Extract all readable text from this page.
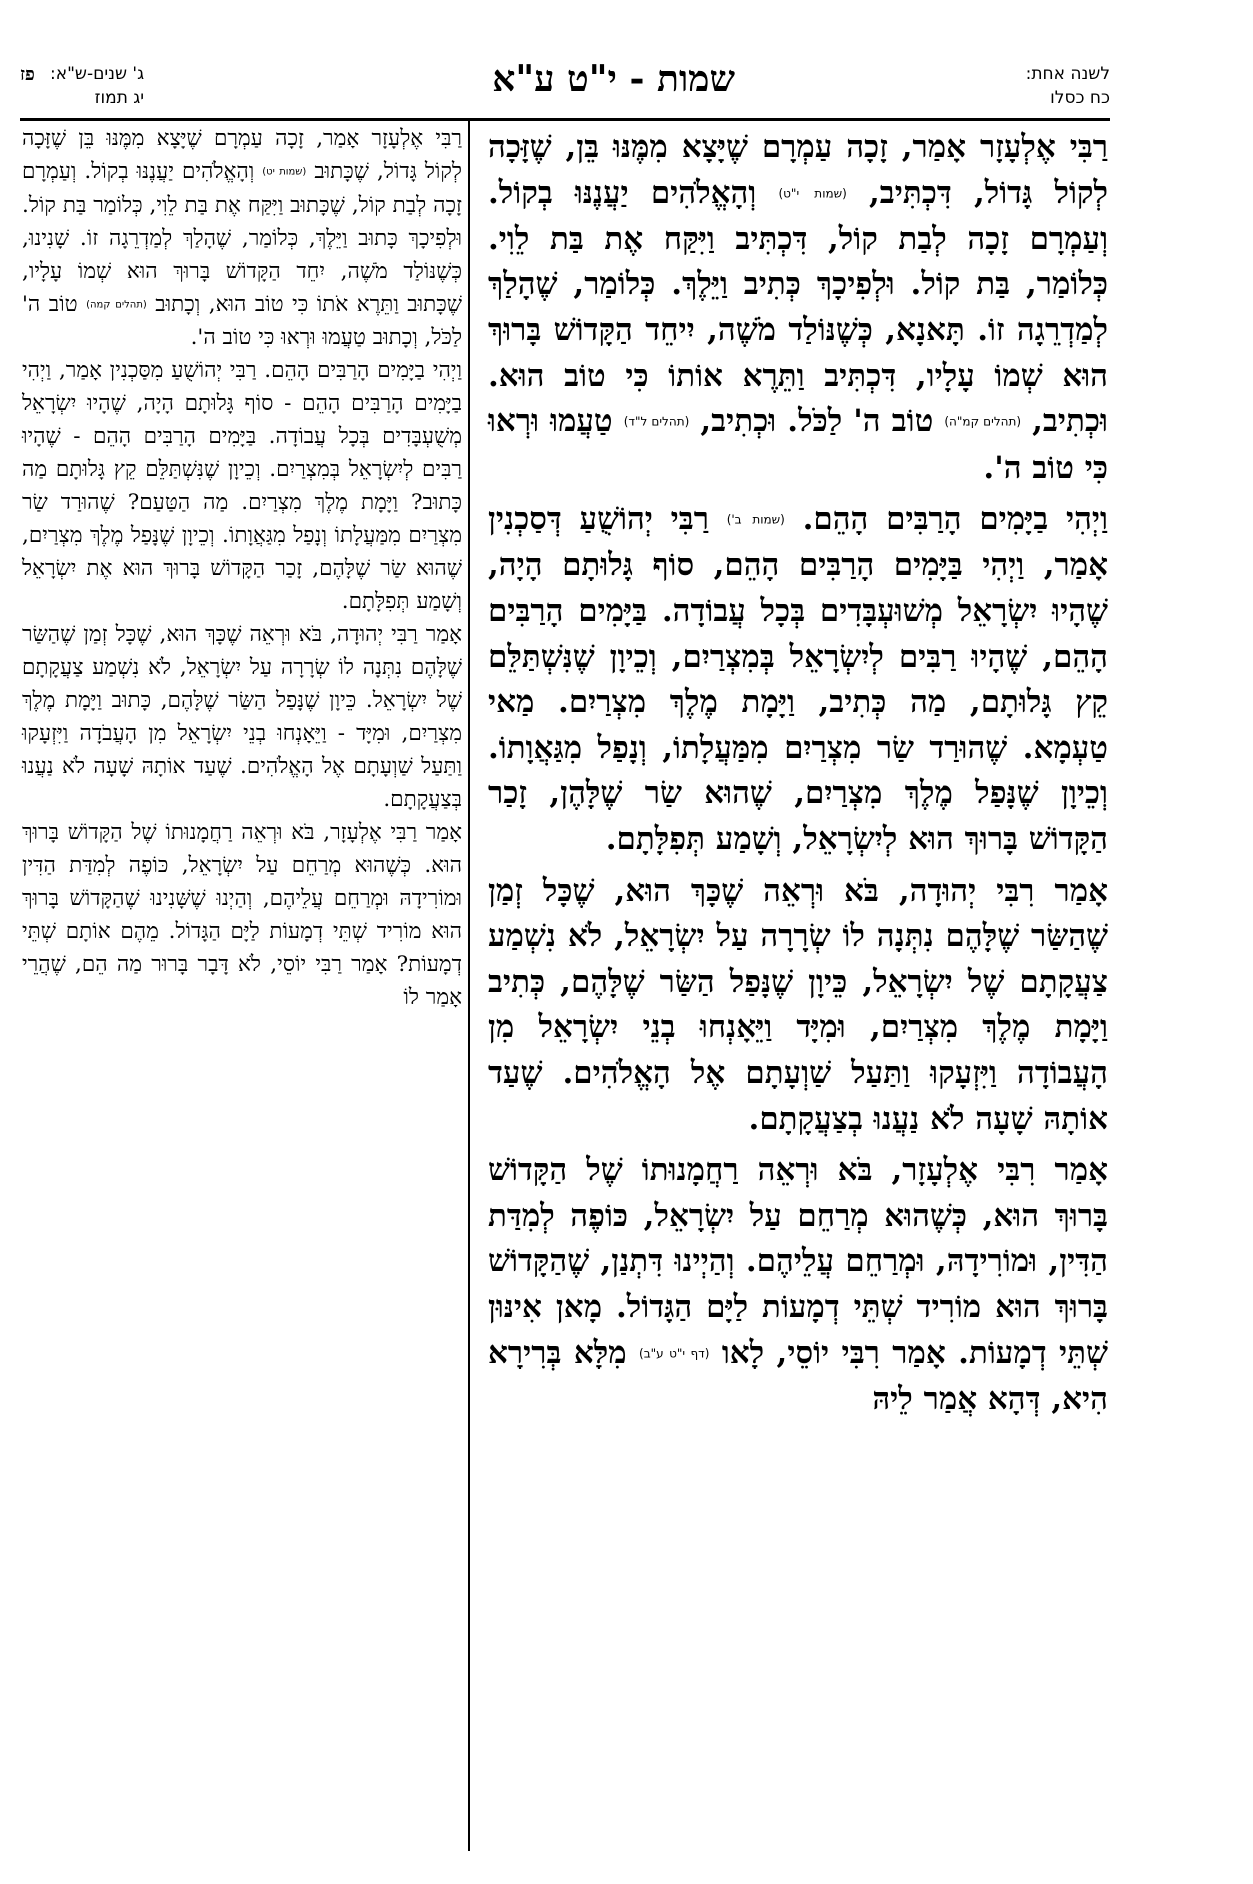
לשנה אחת:
כח כסלו
שמות - י"ט ע"א
ג' שנים-ש"א:
יג תמוז
פז

רַבִּי אֶלְעָזָר אָמַר, זָכָה עַמְרָם שֶׁיָּצָא מִמֶּנּוּ בֵּן, שֶׁזָּכָה לְקוֹל גָּדוֹל, דִּכְתִּיב, (שמות י"ט) וְהָאֱלֹהִים יַעֲנֶנּוּ בְקוֹל. וְעַמְרָם זָכָה לְבַת קוֹל, דִּכְתִּיב וַיִּקַּח אֶת בַּת לֵוִי. כְּלוֹמַר, בַּת קוֹל. וּלְפִיכָךְ כְּתִיב וַיֵּלֶךְ. כְּלוֹמַר, שֶׁהָלַךְ לְמַדְרֵגָה זוֹ. תָּאנָא, כְּשֶׁנּוֹלַד מֹשֶׁה, יִיחֵד הַקָּדוֹשׁ בָּרוּךְ הוּא שְׁמוֹ עָלָיו, דִּכְתִּיב וַתֵּרֶא אוֹתוֹ כִּי טוֹב הוּא. וּכְתִיב, (תהלים קמ"ה) טוֹב ה' לַכֹּל. וּכְתִיב, (תהלים ל"ד) טַעֲמוּ וּרְאוּ כִּי טוֹב ה'.

וַיְהִי בַיָּמִים הָרַבִּים הָהֵם. (שמות ב') רַבִּי יְהוֹשֻׁעַ דְּסַכְנִין אָמַר, וַיְהִי בַּיָּמִים הָרַבִּים הָהֵם, סוֹף גָּלוּתָם הָיָה, שֶׁהָיוּ יִשְׂרָאֵל מְשׁוּעְבָּדִים בְּכָל עֲבוֹדָה. בַּיָּמִים הָרַבִּים הָהֵם, שֶׁהָיוּ רַבִּים לְיִשְׂרָאֵל בְּמִצְרַיִם, וְכֵיוָן שֶׁנִּשְׁתַּלֵּם קֵץ גָּלוּתָם, מַה כְּתִיב, וַיָּמָת מֶלֶךְ מִצְרַיִם. מַאי טַעְמָא. שֶׁהוּרַד שַׂר מִצְרַיִם מִמַּעֲלָתוֹ, וְנָפַל מִגַּאֲוָתוֹ. וְכֵיוָן שֶׁנָּפַל מֶלֶךְ מִצְרַיִם, שֶׁהוּא שַׂר שֶׁלָּהֶן, זָכַר הַקָּדוֹשׁ בָּרוּךְ הוּא לְיִשְׂרָאֵל, וְשָׁמַע תְּפִלָּתָם.

אָמַר רִבִּי יְהוּדָה, בֹּא וּרְאֵה שֶׁכָּךְ הוּא, שֶׁכָּל זְמַן שֶׁהַשַּׂר שֶׁלָּהֶם נִתְּנָה לוֹ שְׂרָרָה עַל יִשְׂרָאֵל, לֹא נִשְׁמַע צַעֲקָתָם שֶׁל יִשְׂרָאֵל, כֵּיוָן שֶׁנָּפַל הַשַּׂר שֶׁלָּהֶם, כְּתִיב וַיָּמָת מֶלֶךְ מִצְרַיִם, וּמִיָּד וַיֵּאָנְחוּ בְנֵי יִשְׂרָאֵל מִן הָעֲבוֹדָה וַיִּזְעָקוּ וַתַּעַל שַׁוְעָתָם אֶל הָאֱלֹהִים. שֶׁעַד אוֹתָהּ שָׁעָה לֹא נַעֲנוּ בְצַעֲקָתָם.

אָמַר רִבִּי אֶלְעָזָר, בֹּא וּרְאֵה רַחֲמָנוּתוֹ שֶׁל הַקָּדוֹשׁ בָּרוּךְ הוּא, כְּשֶׁהוּא מְרַחֵם עַל יִשְׂרָאֵל, כּוֹפֶה לְמִדַּת הַדִּין, וּמוֹרִידָהּ, וּמְרַחֵם עֲלֵיהֶם. וְהַיְינוּ דִּתְנַן, שֶׁהַקָּדוֹשׁ בָּרוּךְ הוּא מוֹרִיד שְׁתֵּי דְמָעוֹת לַיָּם הַגָּדוֹל. מָאן אִינּוּן שְׁתֵּי דְמָעוֹת. אָמַר רִבִּי יוֹסֵי, לָאו (דף י"ט ע"ב) מִלָּא בְּרִירָא הִיא, דְּהָא אֲמַר לֵיהּ

רַבִּי אֶלְעָזָר אָמַר, זָכָה עַמְרָם שֶׁיָּצָא מִמֶּנּוּ בֵּן שֶׁזָּכָה לְקוֹל גָּדוֹל, שֶׁכָּתוּב (שמות יט) וְהָאֱלֹהִים יַעֲנֶנּוּ בְקוֹל. וְעַמְרָם זָכָה לְבַת קוֹל, שֶׁכָּתוּב וַיִּקַּח אֶת בַּת לֵוִי, כְּלוֹמַר בַּת קוֹל. וּלְפִיכָךְ כָּתוּב וַיֵּלֶךְ, כְּלוֹמַר, שֶׁהָלַךְ לְמַדְרֵגָה זוֹ. שָׁנִינוּ, כְּשֶׁנּוֹלַד מֹשֶׁה, יִחֵד הַקָּדוֹשׁ בָּרוּךְ הוּא שְׁמוֹ עָלָיו, שֶׁכָּתוּב וַתֵּרֶא אֹתוֹ כִּי טוֹב הוּא, וְכָתוּב (תהלים קמה) טוֹב ה' לַכֹּל, וְכָתוּב טַעֲמוּ וּרְאוּ כִּי טוֹב ה'.

וַיְהִי בַיָּמִים הָרַבִּים הָהֵם. רַבִּי יְהוֹשֻׁעַ מִסַּכְנִין אָמַר, וַיְהִי בַיָּמִים הָרַבִּים הָהֵם - סוֹף גָּלוּתָם הָיָה, שֶׁהָיוּ יִשְׂרָאֵל מְשֻׁעְבָּדִים בְּכָל עֲבוֹדָה. בַּיָּמִים הָרַבִּים הָהֵם - שֶׁהָיוּ רַבִּים לְיִשְׂרָאֵל בְּמִצְרַיִם. וְכֵיוָן שֶׁנִּשְׁתַּלֵּם קֵץ גָּלוּתָם מַה כָּתוּב? וַיָּמָת מֶלֶךְ מִצְרַיִם. מַה הַטַּעַם? שֶׁהוּרַד שַׂר מִצְרַיִם מִמַּעֲלָתוֹ וְנָפַל מִגַּאֲוָתוֹ. וְכֵיוָן שֶׁנָּפַל מֶלֶךְ מִצְרַיִם, שֶׁהוּא שַׂר שֶׁלָּהֶם, זָכַר הַקָּדוֹשׁ בָּרוּךְ הוּא אֶת יִשְׂרָאֵל וְשָׁמַע תְּפִלָּתָם.

אָמַר רַבִּי יְהוּדָה, בֹּא וּרְאֵה שֶׁכָּךְ הוּא, שֶׁכָּל זְמַן שֶׁהַשַּׂר שֶׁלָּהֶם נִתְּנָה לוֹ שְׂרָרָה עַל יִשְׂרָאֵל, לֹא נִשְׁמַע צַעֲקָתָם שֶׁל יִשְׂרָאֵל. כֵּיוָן שֶׁנָּפַל הַשַּׂר שֶׁלָּהֶם, כָּתוּב וַיָּמָת מֶלֶךְ מִצְרַיִם, וּמִיָּד - וַיֵּאָנְחוּ בְנֵי יִשְׂרָאֵל מִן הָעֲבֹדָה וַיִּזְעָקוּ וַתַּעַל שַׁוְעָתָם אֶל הָאֱלֹהִים. שֶׁעַד אוֹתָהּ שָׁעָה לֹא נַעֲנוּ בְּצַעֲקָתָם.

אָמַר רַבִּי אֶלְעָזָר, בֹּא וּרְאֵה רַחֲמָנוּתוֹ שֶׁל הַקָּדוֹשׁ בָּרוּךְ הוּא. כְּשֶׁהוּא מְרַחֵם עַל יִשְׂרָאֵל, כּוֹפֶה לְמִדַּת הַדִּין וּמוֹרִידָהּ וּמְרַחֵם עֲלֵיהֶם, וְהַיְנוּ שֶׁשָּׁנִינוּ שֶׁהַקָּדוֹשׁ בָּרוּךְ הוּא מוֹרִיד שְׁתֵּי דְמָעוֹת לַיָּם הַגָּדוֹל. מֵהֶם אוֹתָם שְׁתֵּי דְמָעוֹת? אָמַר רַבִּי יוֹסֵי, לֹא דָּבָר בָּרוּר מַה הֵם, שֶׁהֲרֵי אָמַר לוֹ
